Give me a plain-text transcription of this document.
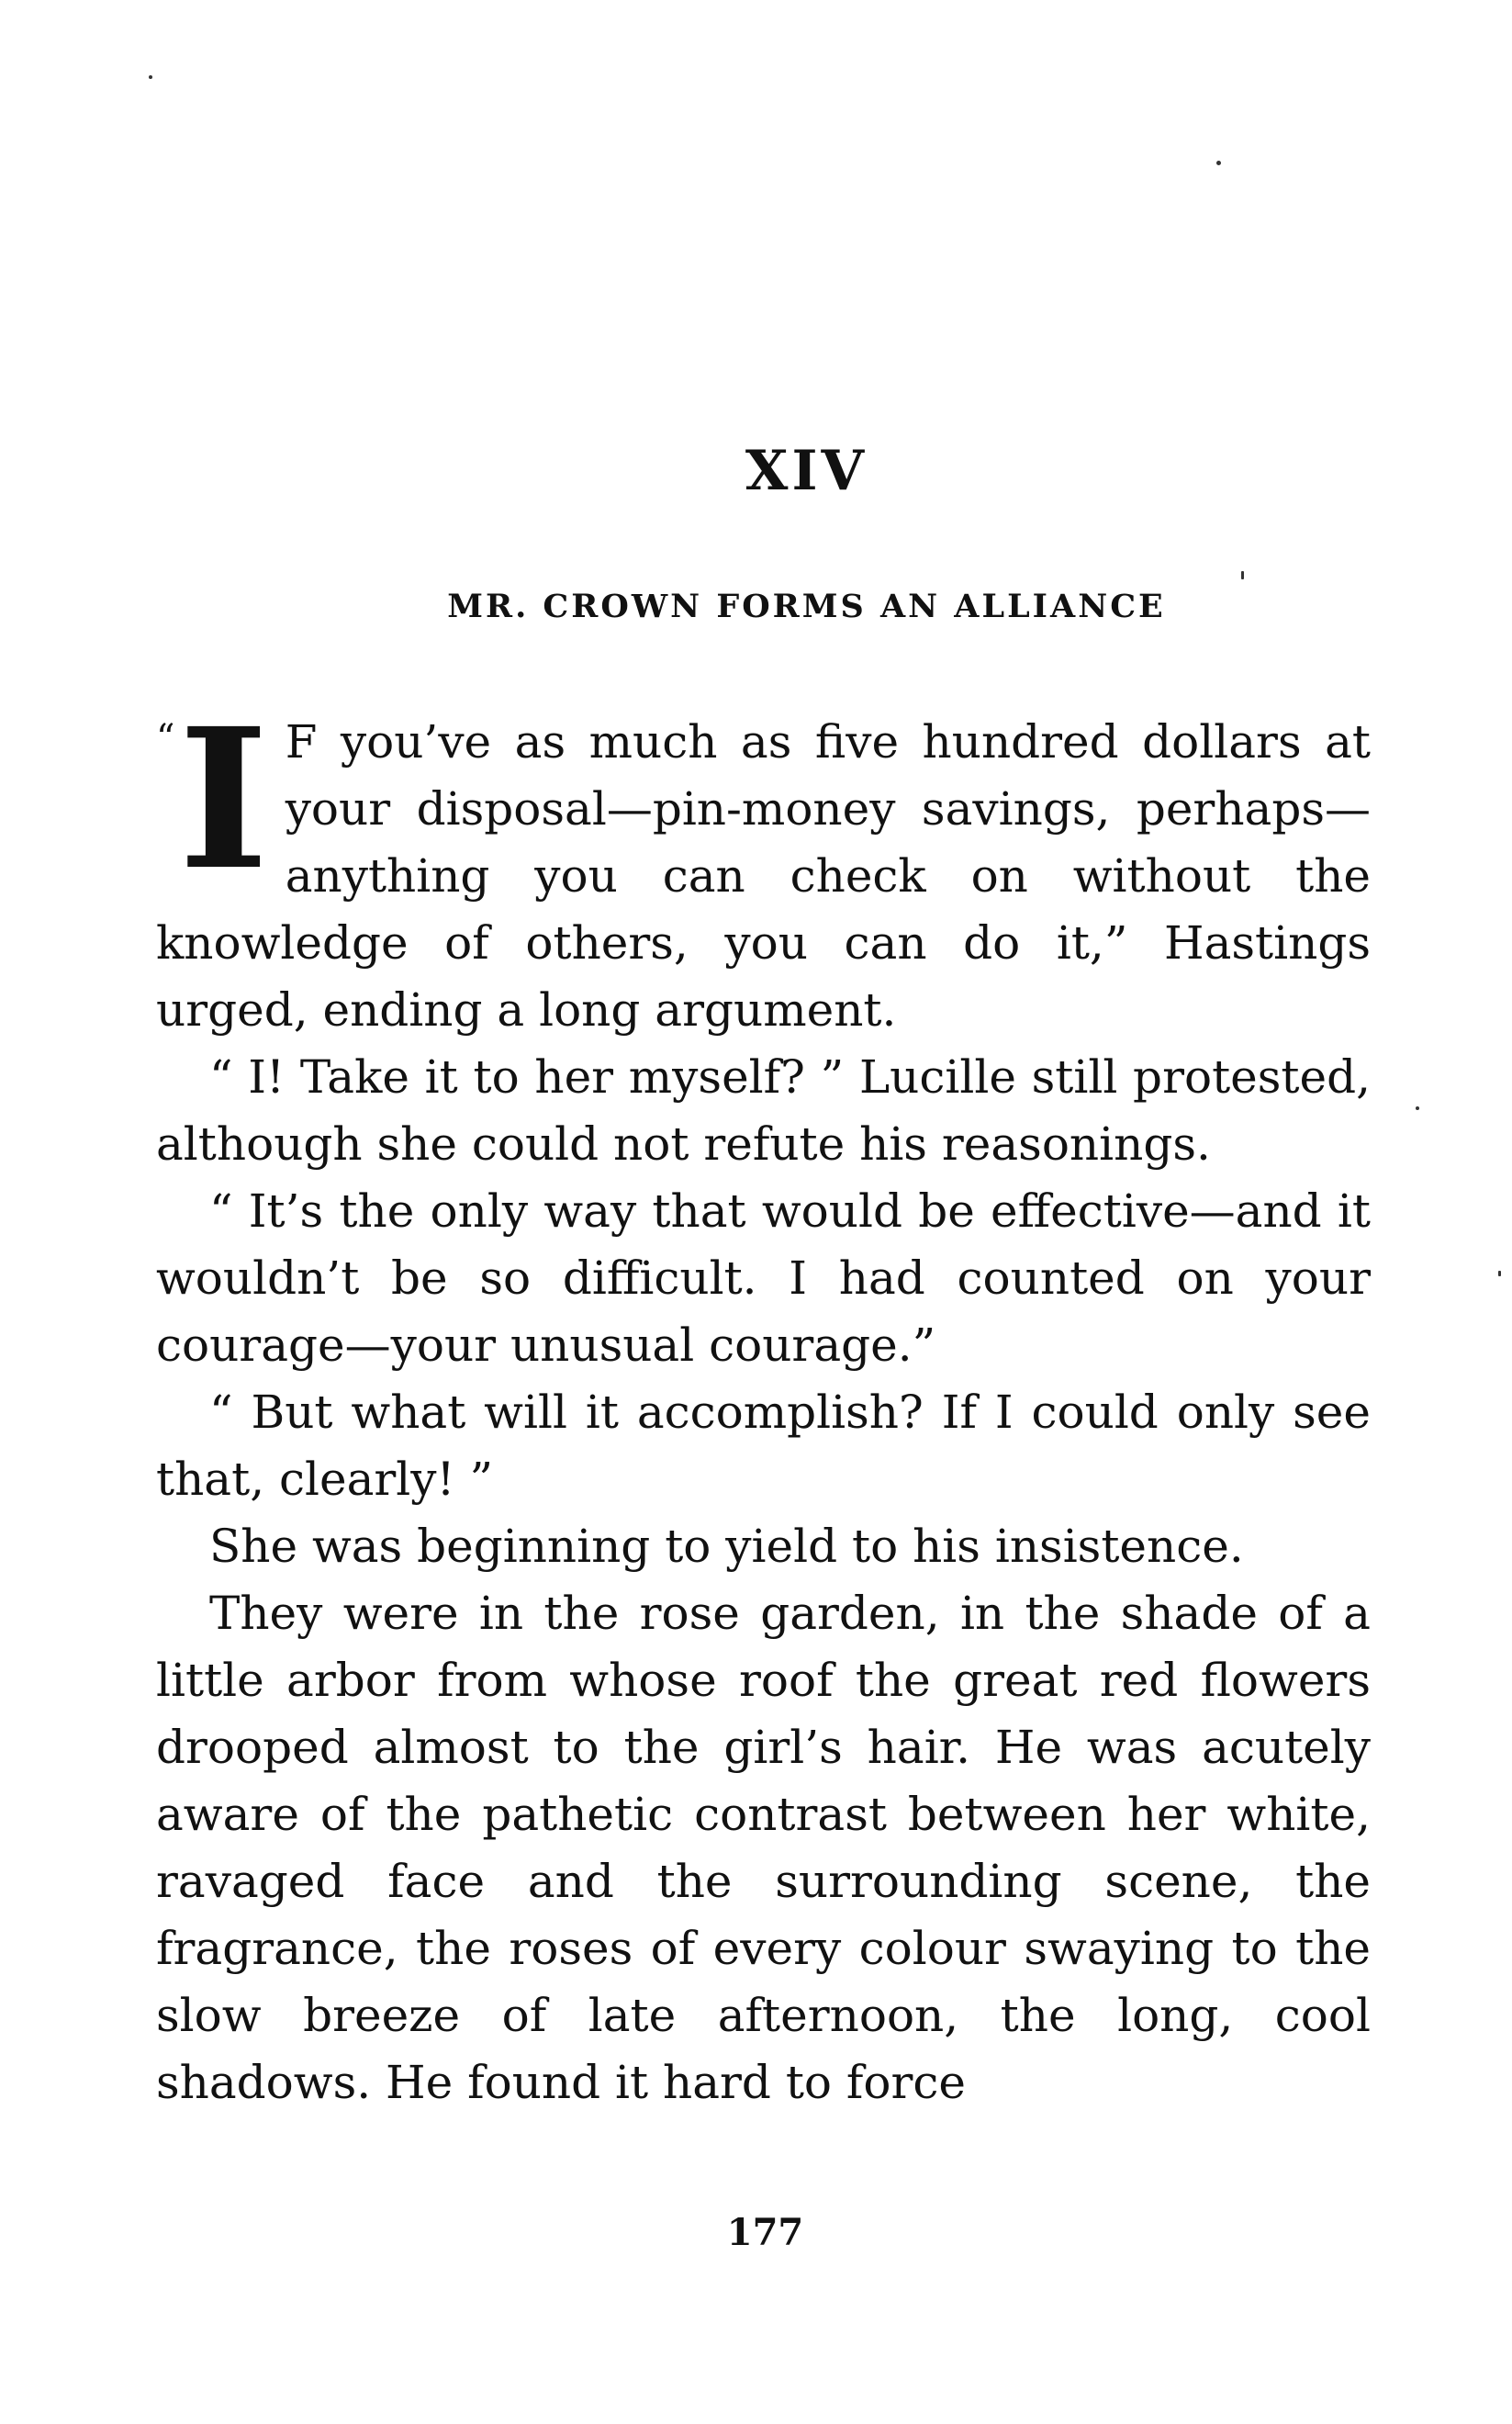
XIV
MR. CROWN FORMS AN ALLIANCE

“ I F you’ve as much as five hundred dollars at your disposal—pin-money savings, perhaps—anything you can check on without the knowledge of others, you can do it,” Hastings urged, ending a long argument.

“ I! Take it to her myself? ” Lucille still protested, although she could not refute his reasonings.

“ It’s the only way that would be effective—and it wouldn’t be so difficult. I had counted on your courage—your unusual courage.”

“ But what will it accomplish? If I could only see that, clearly! ”

She was beginning to yield to his insistence.

They were in the rose garden, in the shade of a little arbor from whose roof the great red flowers drooped almost to the girl’s hair. He was acutely aware of the pathetic contrast between her white, ravaged face and the surrounding scene, the fragrance, the roses of every colour swaying to the slow breeze of late afternoon, the long, cool shadows. He found it hard to force

177
